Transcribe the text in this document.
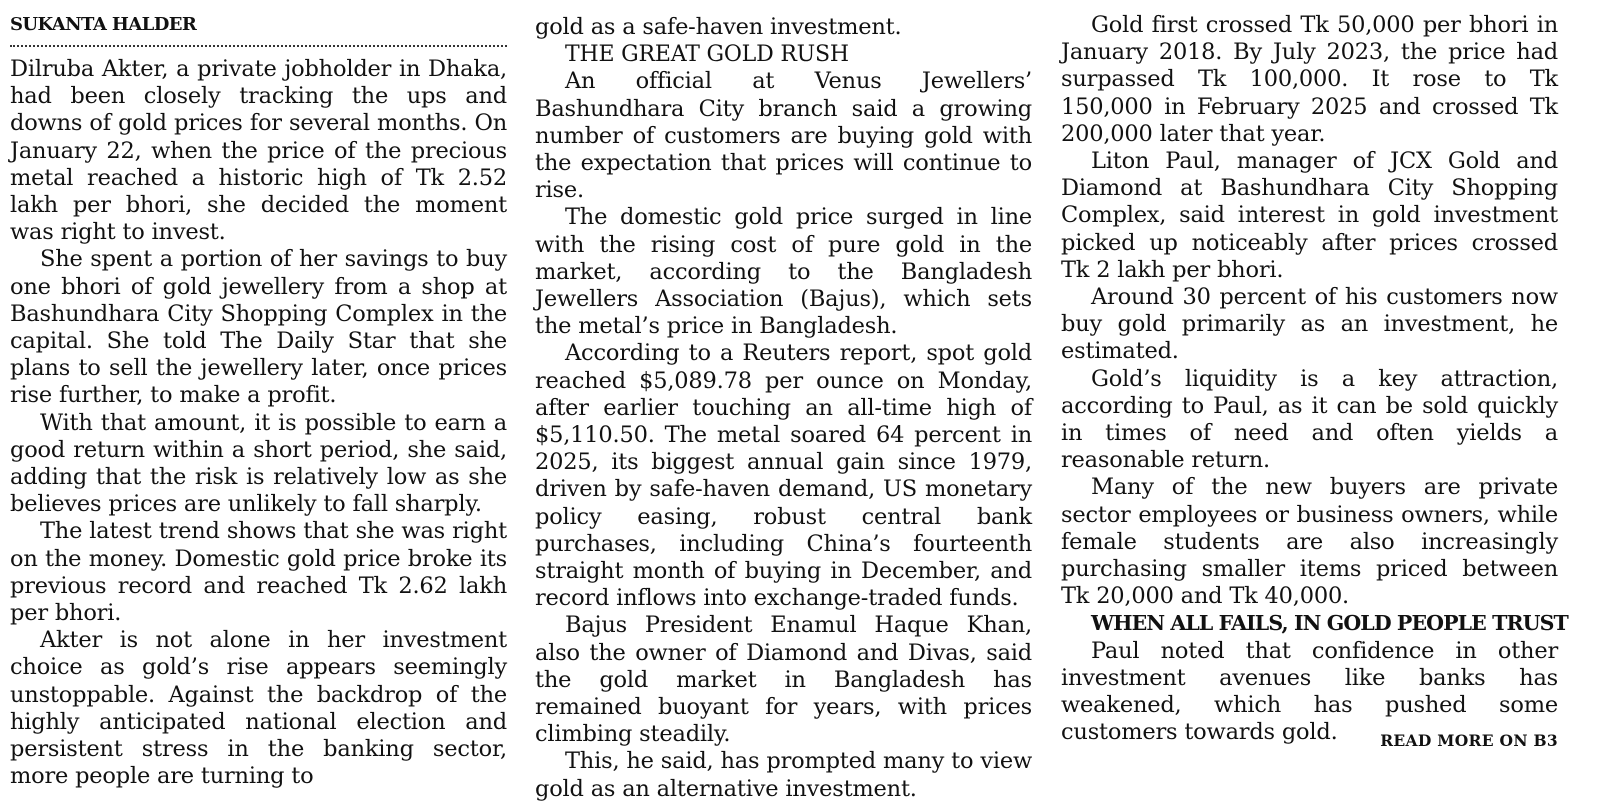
SUKANTA HALDER

Dilruba Akter, a private jobholder in Dhaka, had been closely tracking the ups and downs of gold prices for several months. On January 22, when the price of the precious metal reached a historic high of Tk 2.52 lakh per bhori, she decided the moment was right to invest.

She spent a portion of her savings to buy one bhori of gold jewellery from a shop at Bashundhara City Shopping Complex in the capital. She told The Daily Star that she plans to sell the jewellery later, once prices rise further, to make a profit.

With that amount, it is possible to earn a good return within a short period, she said, adding that the risk is relatively low as she believes prices are unlikely to fall sharply.

The latest trend shows that she was right on the money. Domestic gold price broke its previous record and reached Tk 2.62 lakh per bhori.

Akter is not alone in her investment choice as gold’s rise appears seemingly unstoppable. Against the backdrop of the highly anticipated national election and persistent stress in the banking sector, more people are turning to

gold as a safe-haven investment.

THE GREAT GOLD RUSH

An official at Venus Jewellers’ Bashundhara City branch said a growing number of customers are buying gold with the expectation that prices will continue to rise.

The domestic gold price surged in line with the rising cost of pure gold in the market, according to the Bangladesh Jewellers Association (Bajus), which sets the metal’s price in Bangladesh.

According to a Reuters report, spot gold reached $5,089.78 per ounce on Monday, after earlier touching an all-time high of $5,110.50. The metal soared 64 percent in 2025, its biggest annual gain since 1979, driven by safe-haven demand, US monetary policy easing, robust central bank purchases, including China’s fourteenth straight month of buying in December, and record inflows into exchange-traded funds.

Bajus President Enamul Haque Khan, also the owner of Diamond and Divas, said the gold market in Bangladesh has remained buoyant for years, with prices climbing steadily.

This, he said, has prompted many to view gold as an alternative investment.

Gold first crossed Tk 50,000 per bhori in January 2018. By July 2023, the price had surpassed Tk 100,000. It rose to Tk 150,000 in February 2025 and crossed Tk 200,000 later that year.

Liton Paul, manager of JCX Gold and Diamond at Bashundhara City Shopping Complex, said interest in gold investment picked up noticeably after prices crossed Tk 2 lakh per bhori.

Around 30 percent of his customers now buy gold primarily as an investment, he estimated.

Gold’s liquidity is a key attraction, according to Paul, as it can be sold quickly in times of need and often yields a reasonable return.

Many of the new buyers are private sector employees or business owners, while female students are also increasingly purchasing smaller items priced between Tk 20,000 and Tk 40,000.

WHEN ALL FAILS, IN GOLD PEOPLE TRUST

Paul noted that confidence in other investment avenues like banks has weakened, which has pushed some customers towards gold.	READ MORE ON B3
